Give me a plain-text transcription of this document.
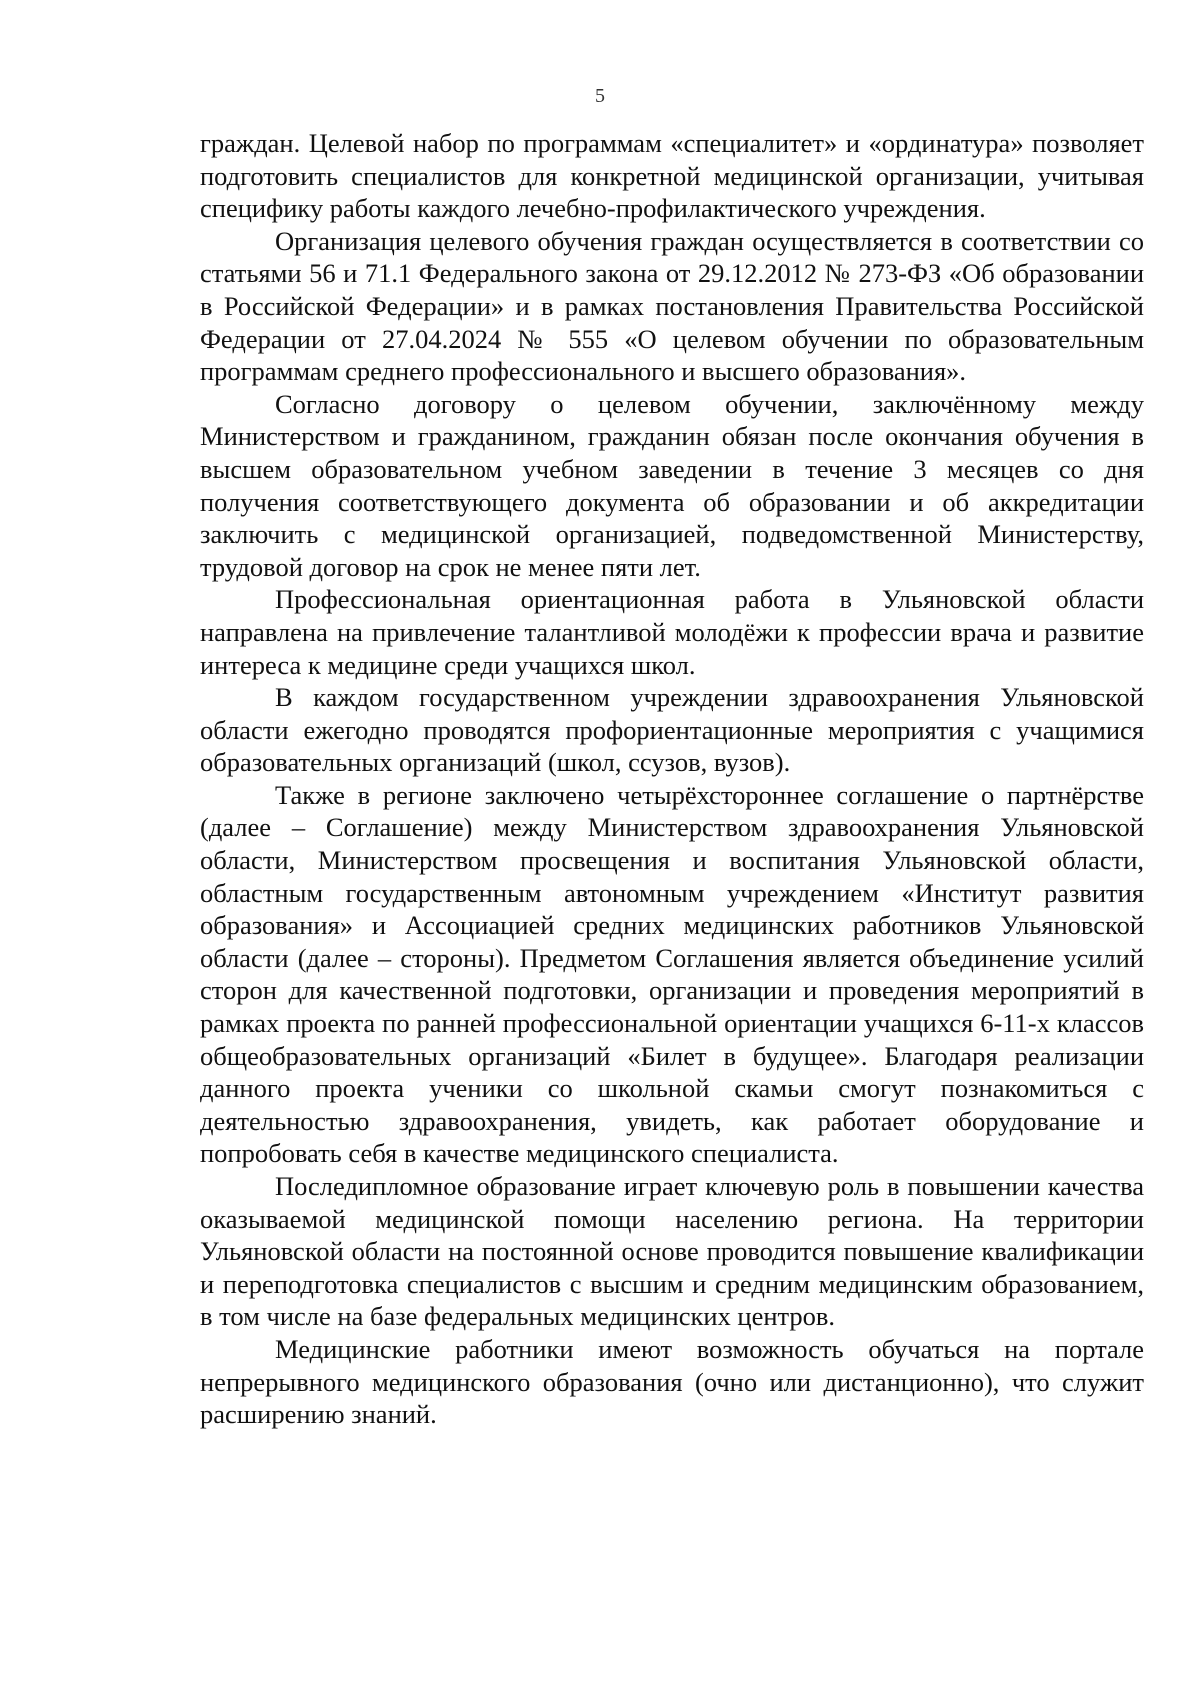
5

граждан. Целевой набор по программам «специалитет» и «ординатура» позволяет подготовить специалистов для конкретной медицинской организации, учитывая специфику работы каждого лечебно-профилактического учреждения.

Организация целевого обучения граждан осуществляется в соответствии со статьями 56 и 71.1 Федерального закона от 29.12.2012 № 273-ФЗ «Об образовании в Российской Федерации» и в рамках постановления Правительства Российской Федерации от 27.04.2024 № 555 «О целевом обучении по образовательным программам среднего профессионального и высшего образования».

Согласно договору о целевом обучении, заключённому между Министерством и гражданином, гражданин обязан после окончания обучения в высшем образовательном учебном заведении в течение 3 месяцев со дня получения соответствующего документа об образовании и об аккредитации заключить с медицинской организацией, подведомственной Министерству, трудовой договор на срок не менее пяти лет.

Профессиональная ориентационная работа в Ульяновской области направлена на привлечение талантливой молодёжи к профессии врача и развитие интереса к медицине среди учащихся школ.

В каждом государственном учреждении здравоохранения Ульяновской области ежегодно проводятся профориентационные мероприятия с учащимися образовательных организаций (школ, ссузов, вузов).

Также в регионе заключено четырёхстороннее соглашение о партнёрстве (далее – Соглашение) между Министерством здравоохранения Ульяновской области, Министерством просвещения и воспитания Ульяновской области, областным государственным автономным учреждением «Институт развития образования» и Ассоциацией средних медицинских работников Ульяновской области (далее – стороны). Предметом Соглашения является объединение усилий сторон для качественной подготовки, организации и проведения мероприятий в рамках проекта по ранней профессиональной ориентации учащихся 6-11-х классов общеобразовательных организаций «Билет в будущее». Благодаря реализации данного проекта ученики со школьной скамьи смогут познакомиться с деятельностью здравоохранения, увидеть, как работает оборудование и попробовать себя в качестве медицинского специалиста.

Последипломное образование играет ключевую роль в повышении качества оказываемой медицинской помощи населению региона. На территории Ульяновской области на постоянной основе проводится повышение квалификации и переподготовка специалистов с высшим и средним медицинским образованием, в том числе на базе федеральных медицинских центров.

Медицинские работники имеют возможность обучаться на портале непрерывного медицинского образования (очно или дистанционно), что служит расширению знаний.
